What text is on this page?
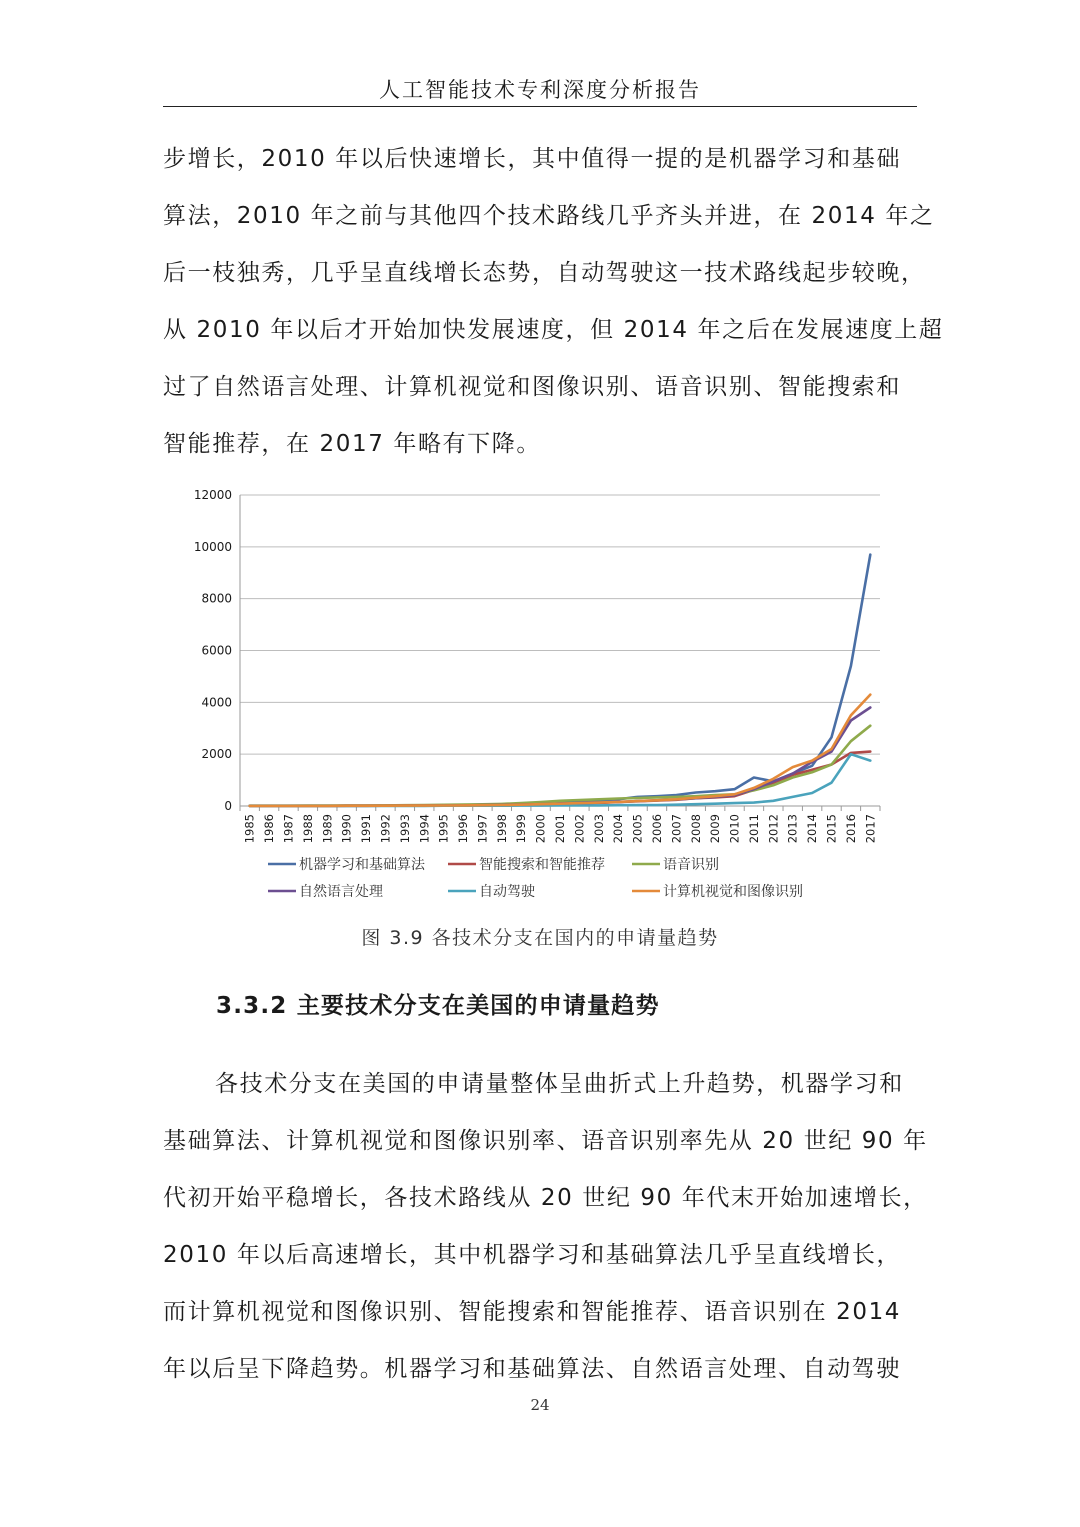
人工智能技术专利深度分析报告
步增长，2010 年以后快速增长，其中值得一提的是机器学习和基础
算法，2010 年之前与其他四个技术路线几乎齐头并进，在 2014 年之
后一枝独秀，几乎呈直线增长态势，自动驾驶这一技术路线起步较晚，
从 2010 年以后才开始加快发展速度，但 2014 年之后在发展速度上超
过了自然语言处理、计算机视觉和图像识别、语音识别、智能搜索和
智能推荐，在 2017 年略有下降。
0
2000
4000
6000
8000
10000
12000
1985 1986 1987 1988 1989 1990 1991 1992 1993 1994 1995 1996 1997 1998 1999 2000 2001 2002 2003 2004 2005 2006 2007 2008 2009 2010 2011 2012 2013 2014 2015 2016 2017
机器学习和基础算法	智能搜索和智能推荐	语音识别
自然语言处理	自动驾驶	计算机视觉和图像识别
图 3.9 各技术分支在国内的申请量趋势
3.3.2 主要技术分支在美国的申请量趋势
各技术分支在美国的申请量整体呈曲折式上升趋势，机器学习和
基础算法、计算机视觉和图像识别率、语音识别率先从 20 世纪 90 年
代初开始平稳增长，各技术路线从 20 世纪 90 年代末开始加速增长，
2010 年以后高速增长，其中机器学习和基础算法几乎呈直线增长，
而计算机视觉和图像识别、智能搜索和智能推荐、语音识别在 2014
年以后呈下降趋势。机器学习和基础算法、自然语言处理、自动驾驶
24
